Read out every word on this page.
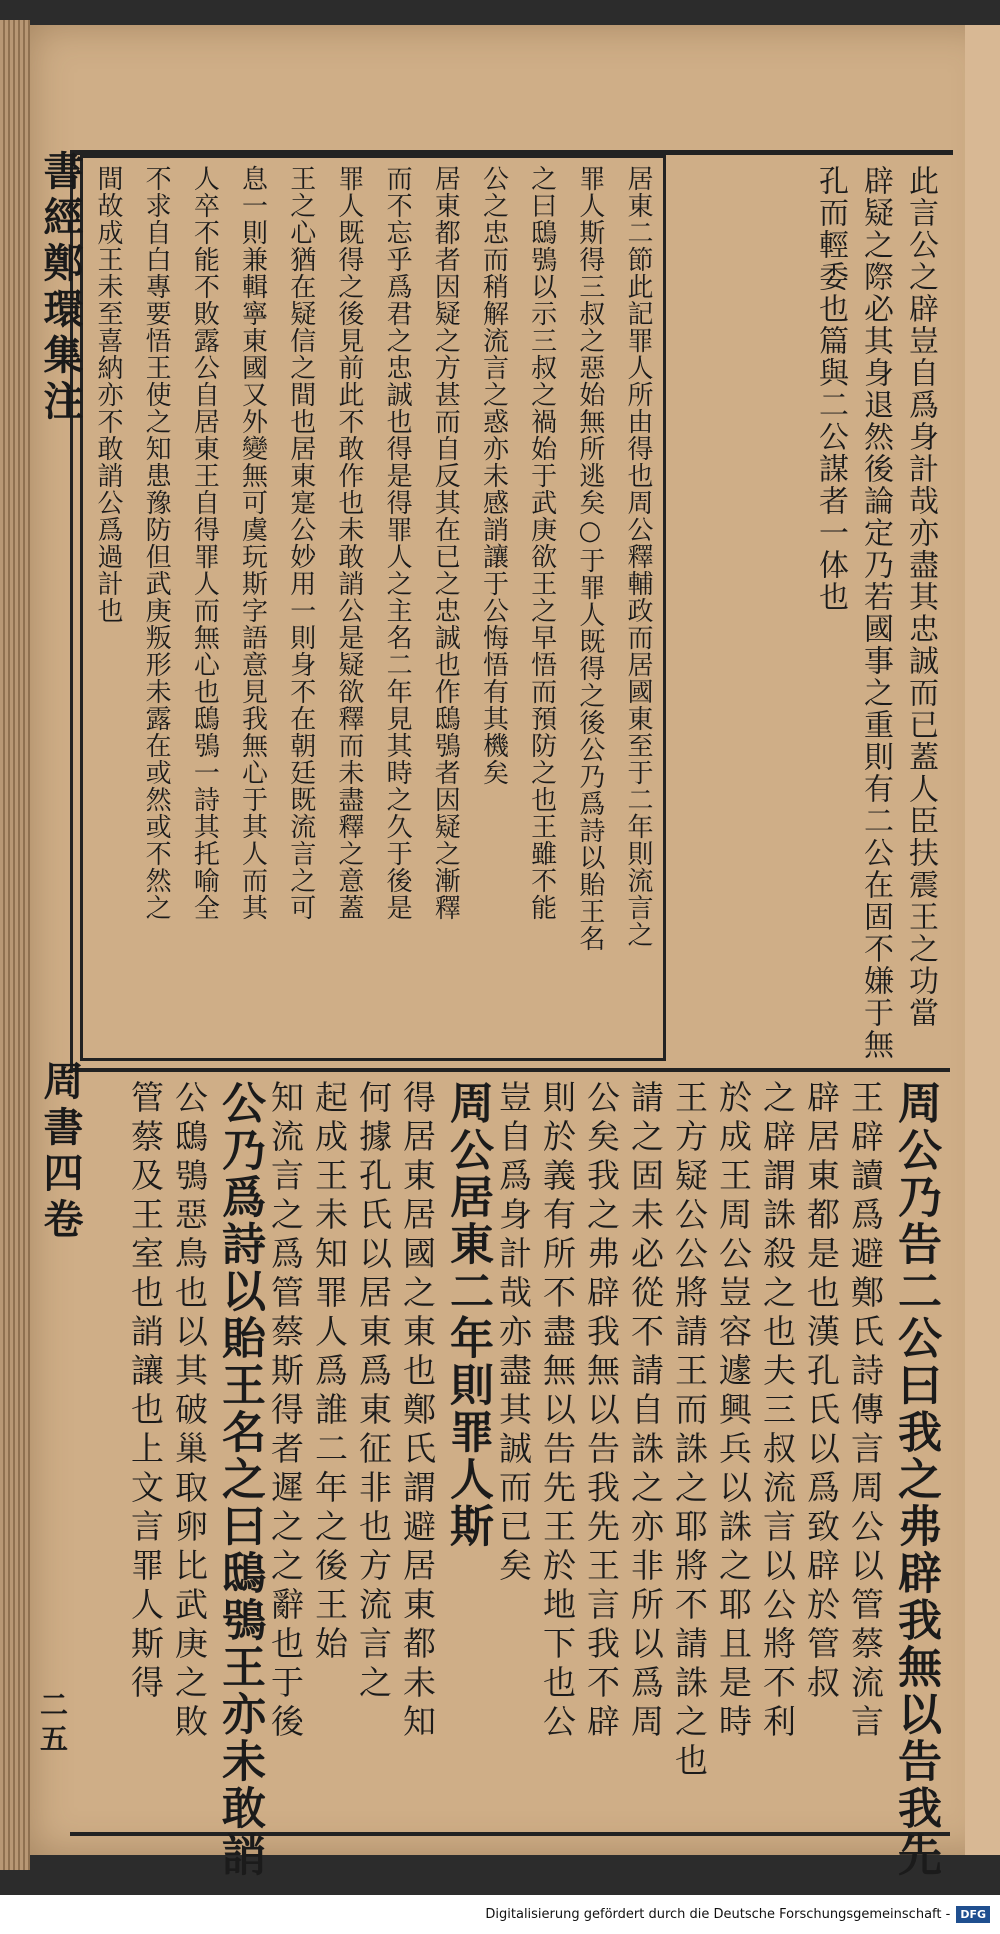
書經鄭環集注
周書四卷
二五
居東二節此記罪人所由得也周公釋輔政而居國東至于二年則流言之
罪人斯得三叔之惡始無所逃矣○于罪人既得之後公乃爲詩以貽王名
之曰鴟鴞以示三叔之禍始于武庚欲王之早悟而預防之也王雖不能
公之忠而稍解流言之惑亦未感誚讓于公悔悟有其機矣
居東都者因疑之方甚而自反其在已之忠誠也作鴟鴞者因疑之漸釋
而不忘乎爲君之忠誠也得是得罪人之主名二年見其時之久于後是
罪人既得之後見前此不敢作也未敢誚公是疑欲釋而未盡釋之意蓋
王之心猶在疑信之間也居東寔公妙用一則身不在朝廷既流言之可
息一則兼輯寧東國又外變無可虞玩斯字語意見我無心于其人而其
人卒不能不敗露公自居東王自得罪人而無心也鴟鴞一詩其托喻全
不求自白專要悟王使之知患豫防但武庚叛形未露在或然或不然之
間故成王未至喜納亦不敢誚公爲過計也	此言公之辟豈自爲身計哉亦盡其忠誠而已蓋人臣扶震王之功當
辟疑之際必其身退然後論定乃若國事之重則有二公在固不嫌于無
孔而輕委也篇與二公謀者一体也
周公乃告二公曰我之弗辟我無以告我先
王辟讀爲避鄭氏詩傳言周公以管蔡流言
辟居東都是也漢孔氏以爲致辟於管叔
之辟謂誅殺之也夫三叔流言以公將不利
於成王周公豈容遽興兵以誅之耶且是時
王方疑公公將請王而誅之耶將不請誅之也
請之固未必從不請自誅之亦非所以爲周
公矣我之弗辟我無以告我先王言我不辟
則於義有所不盡無以告先王於地下也公
豈自爲身計哉亦盡其誠而已矣
周公居東二年則罪人斯
得居東居國之東也鄭氏謂避居東都未知
何據孔氏以居東爲東征非也方流言之
起成王未知罪人爲誰二年之後王始
知流言之爲管蔡斯得者遲之之辭也于後
公乃爲詩以貽王名之曰鴟鴞王亦未敢誚
公鴟鴞惡鳥也以其破巢取卵比武庚之敗
管蔡及王室也誚讓也上文言罪人斯得
Digitalisierung gefördert durch die Deutsche Forschungsgemeinschaft - DFG
